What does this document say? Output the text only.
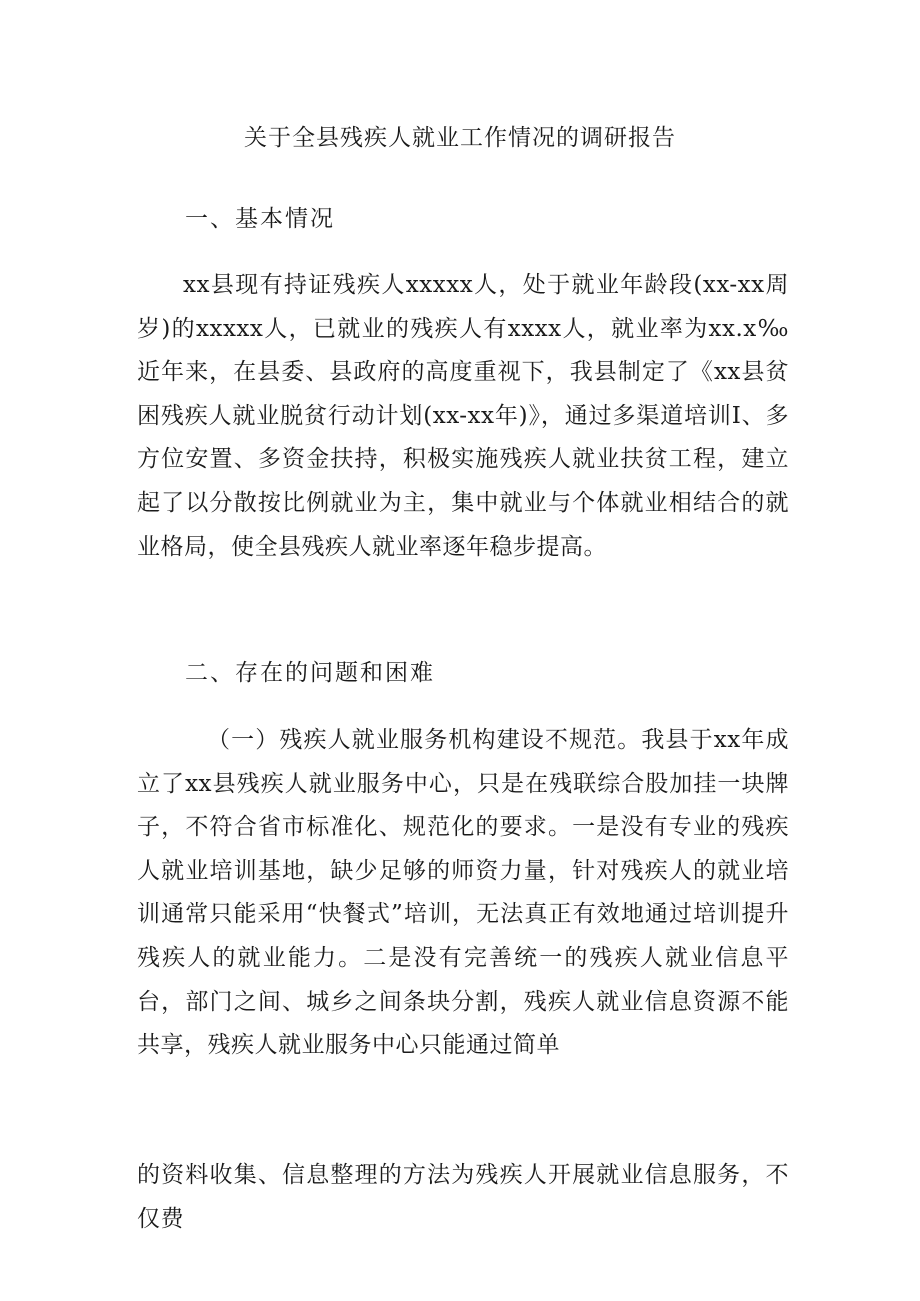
关于全县残疾人就业工作情况的调研报告
一、基本情况

xx县现有持证残疾人xxxxx人，处于就业年龄段(xx-xx周岁)的xxxxx人，已就业的残疾人有xxxx人，就业率为xx.x‰近年来，在县委、县政府的高度重视下，我县制定了《xx县贫困残疾人就业脱贫行动计划(xx-xx年)》，通过多渠道培训I、多方位安置、多资金扶持，积极实施残疾人就业扶贫工程，建立起了以分散按比例就业为主，集中就业与个体就业相结合的就业格局，使全县残疾人就业率逐年稳步提高。

二、存在的问题和困难

（一）残疾人就业服务机构建设不规范。我县于xx年成立了xx县残疾人就业服务中心，只是在残联综合股加挂一块牌子，不符合省市标准化、规范化的要求。一是没有专业的残疾人就业培训基地，缺少足够的师资力量，针对残疾人的就业培训通常只能采用“快餐式”培训，无法真正有效地通过培训提升残疾人的就业能力。二是没有完善统一的残疾人就业信息平台，部门之间、城乡之间条块分割，残疾人就业信息资源不能共享，残疾人就业服务中心只能通过简单

的资料收集、信息整理的方法为残疾人开展就业信息服务，不仅费
